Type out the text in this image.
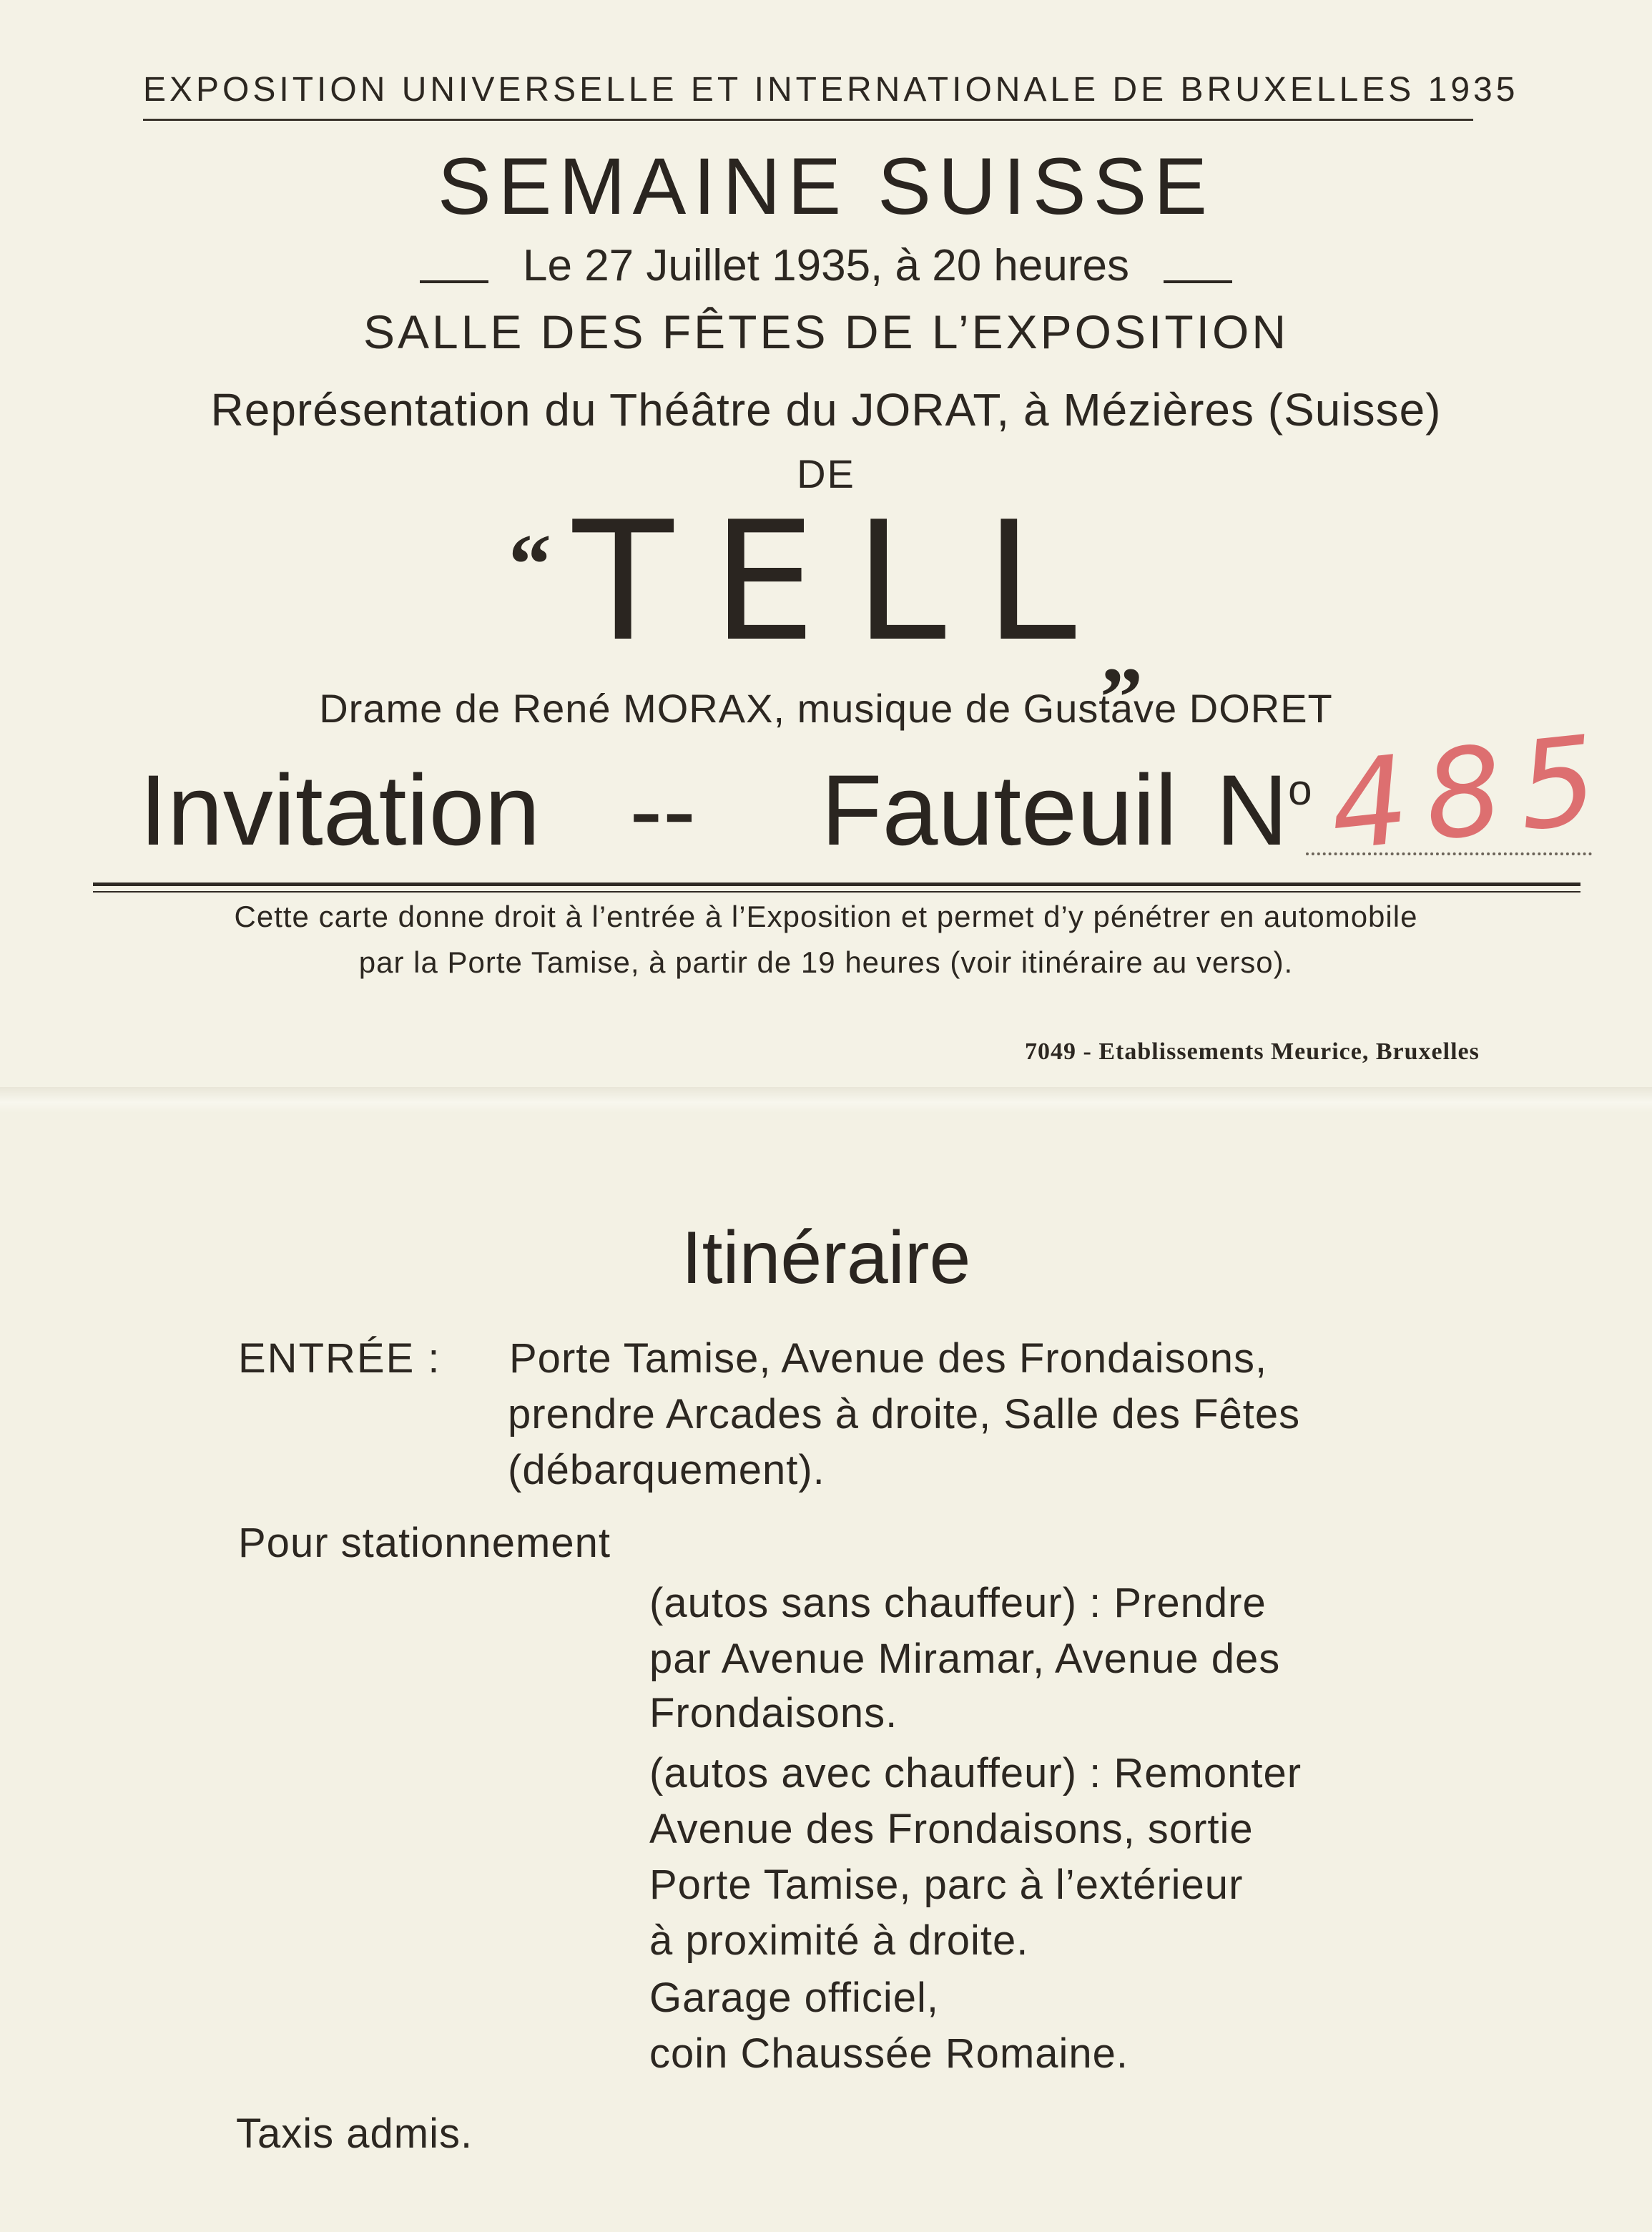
EXPOSITION UNIVERSELLE ET INTERNATIONALE DE BRUXELLES 1935
SEMAINE SUISSE
Le 27 Juillet 1935, à 20 heures
SALLE DES FÊTES DE L’EXPOSITION
Représentation du Théâtre du JORAT, à Mézières (Suisse)
DE
“ TELL„
Drame de René MORAX, musique de Gustave DORET
Invitation -- Fauteuil $N^o$ 485
Cette carte donne droit à l’entrée à l’Exposition et permet d’y pénétrer en automobile
par la Porte Tamise, à partir de 19 heures (voir itinéraire au verso).
7049 - Etablissements Meurice, Bruxelles
Itinéraire
ENTRÉE : Porte Tamise, Avenue des Frondaisons,
prendre Arcades à droite, Salle des Fêtes
(débarquement).
Pour stationnement
(autos sans chauffeur) : Prendre
par Avenue Miramar, Avenue des
Frondaisons.
(autos avec chauffeur) : Remonter
Avenue des Frondaisons, sortie
Porte Tamise, parc à l’extérieur
à proximité à droite.
Garage officiel,
coin Chaussée Romaine.
Taxis admis.
